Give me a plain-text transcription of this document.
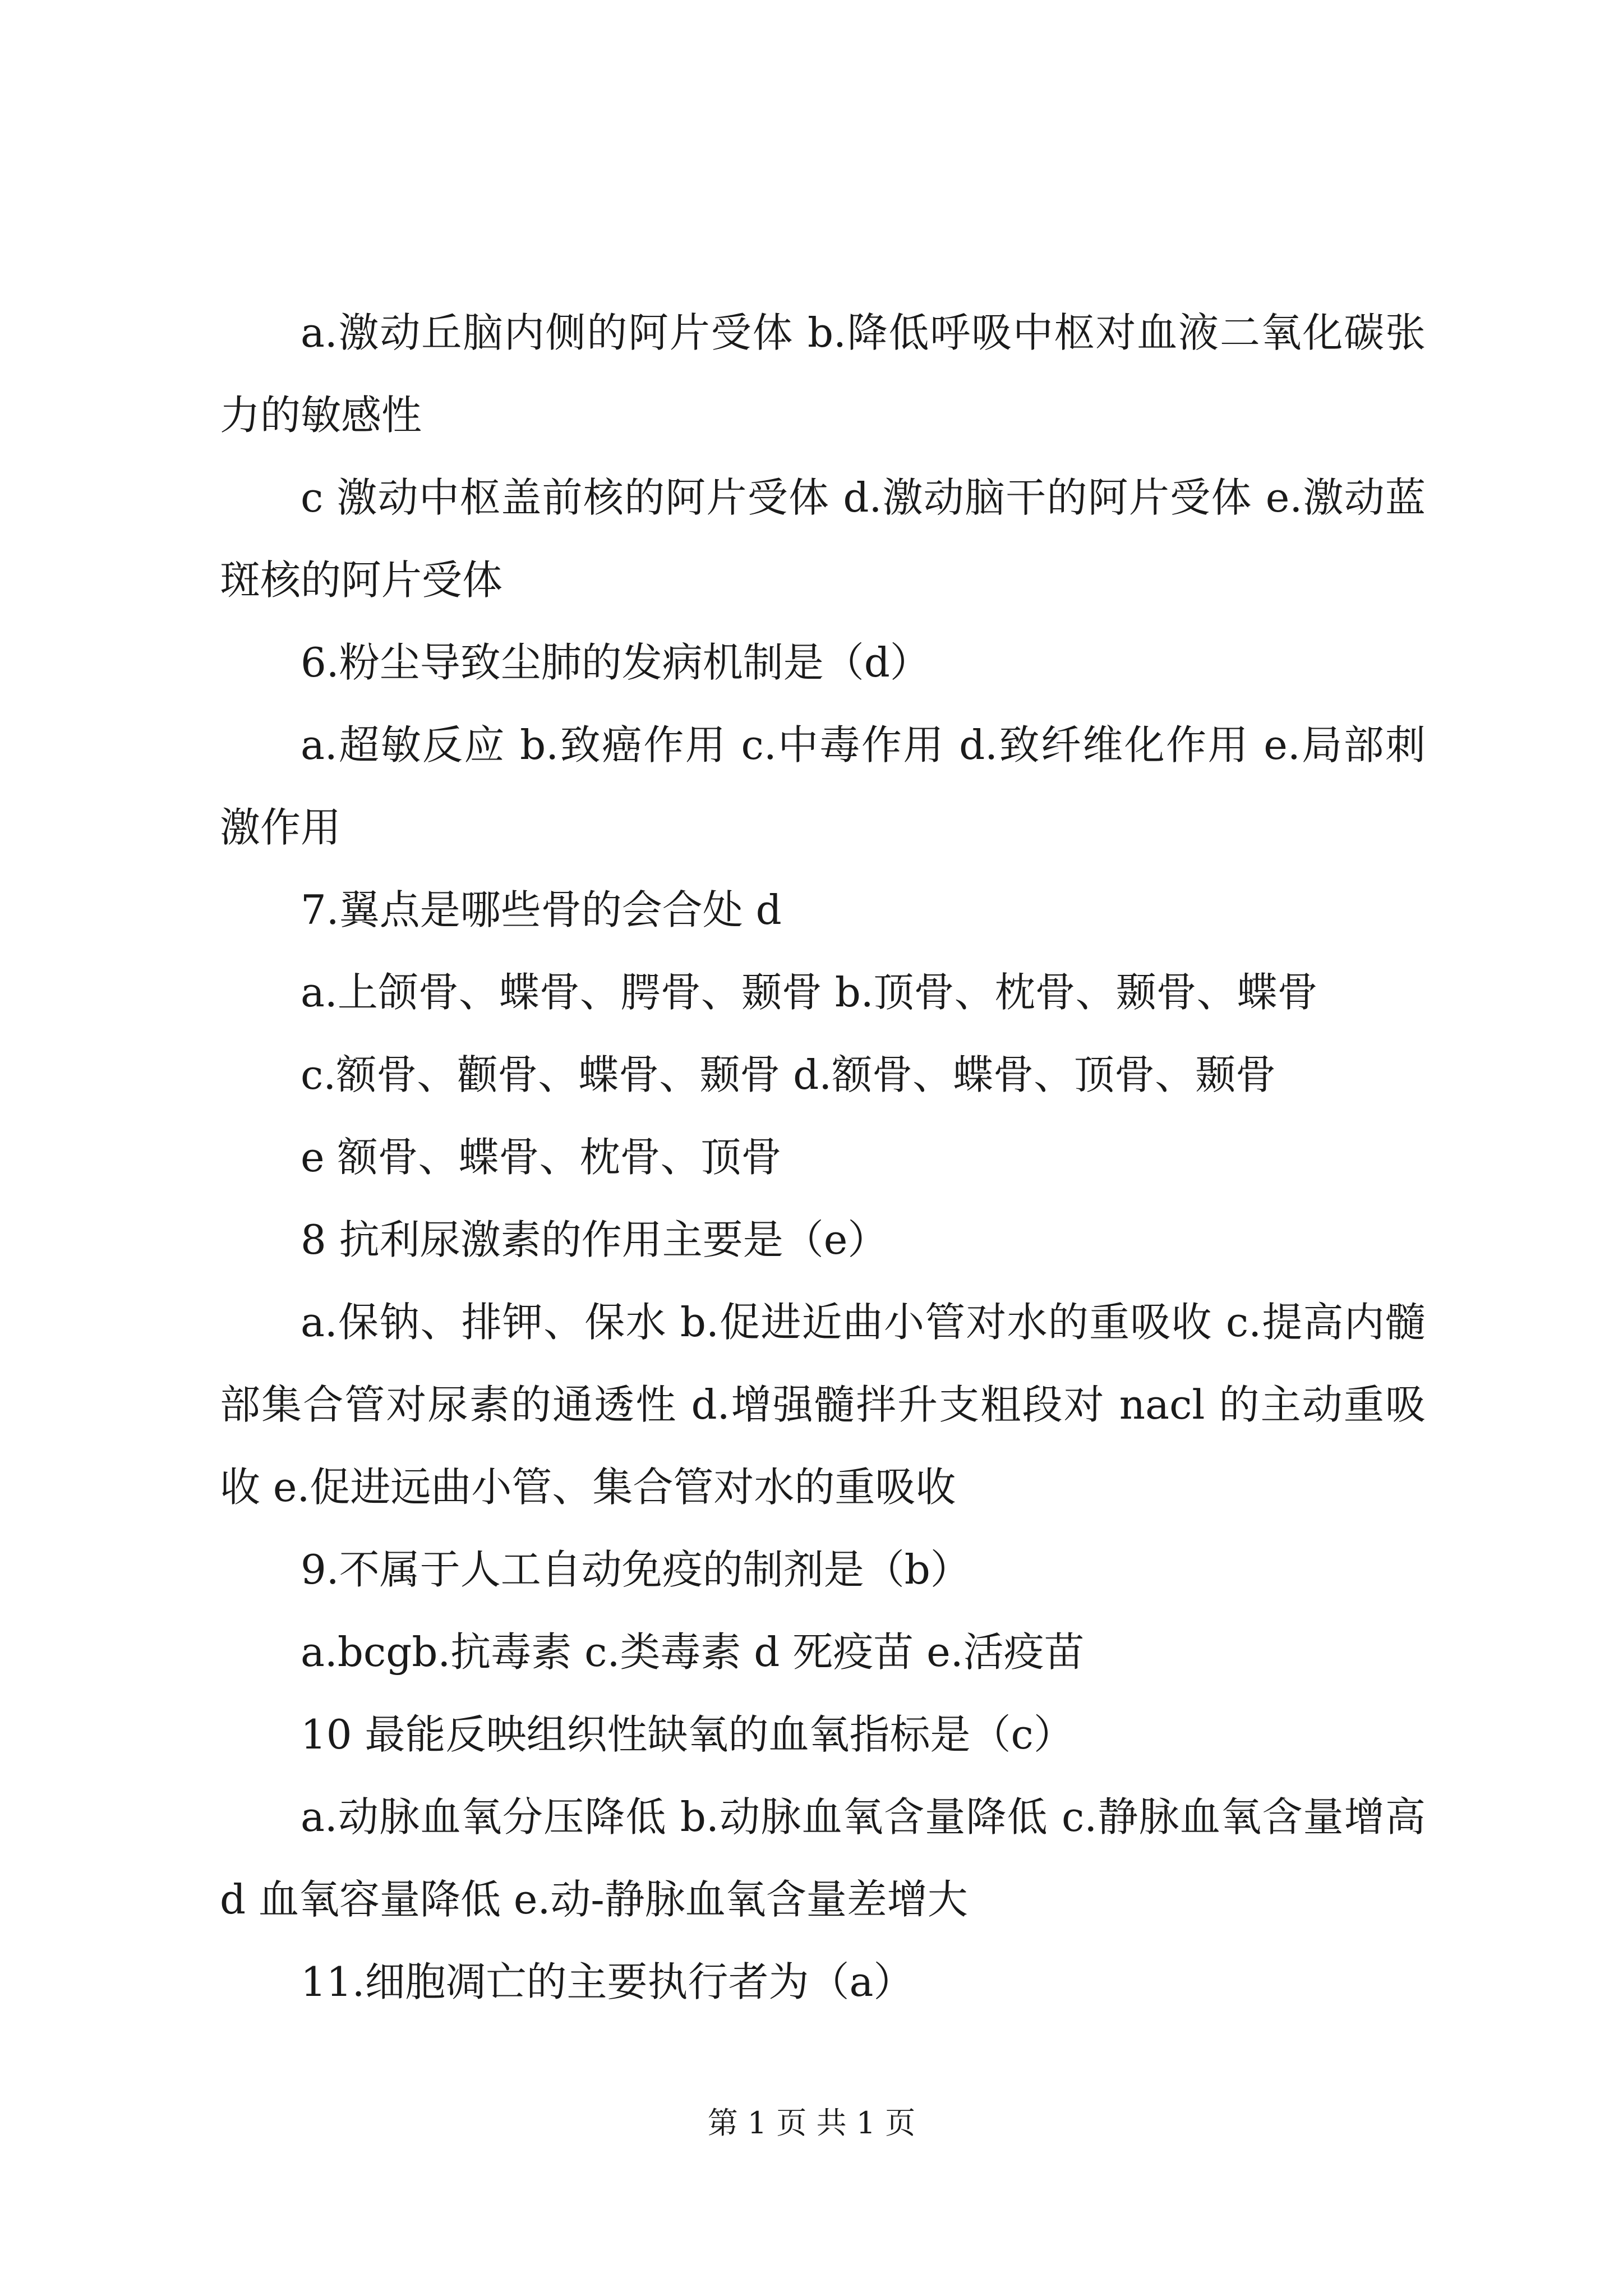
a.激动丘脑内侧的阿片受体 b.降低呼吸中枢对血液二氧化碳张力的敏感性

c 激动中枢盖前核的阿片受体 d.激动脑干的阿片受体 e.激动蓝斑核的阿片受体

6.粉尘导致尘肺的发病机制是（d）

a.超敏反应 b.致癌作用 c.中毒作用 d.致纤维化作用 e.局部刺激作用

7.翼点是哪些骨的会合处 d

a.上颌骨、蝶骨、腭骨、颞骨 b.顶骨、枕骨、颞骨、蝶骨

c.额骨、颧骨、蝶骨、颞骨 d.额骨、蝶骨、顶骨、颞骨

e 额骨、蝶骨、枕骨、顶骨

8 抗利尿激素的作用主要是（e）

a.保钠、排钾、保水 b.促进近曲小管对水的重吸收 c.提高内髓部集合管对尿素的通透性 d.增强髓拌升支粗段对 nacl 的主动重吸收 e.促进远曲小管、集合管对水的重吸收

9.不属于人工自动免疫的制剂是（b）

a.bcgb.抗毒素 c.类毒素 d 死疫苗 e.活疫苗

10 最能反映组织性缺氧的血氧指标是（c）

a.动脉血氧分压降低 b.动脉血氧含量降低 c.静脉血氧含量增高 d 血氧容量降低 e.动-静脉血氧含量差增大

11.细胞凋亡的主要执行者为（a）

第 1 页 共 1 页
